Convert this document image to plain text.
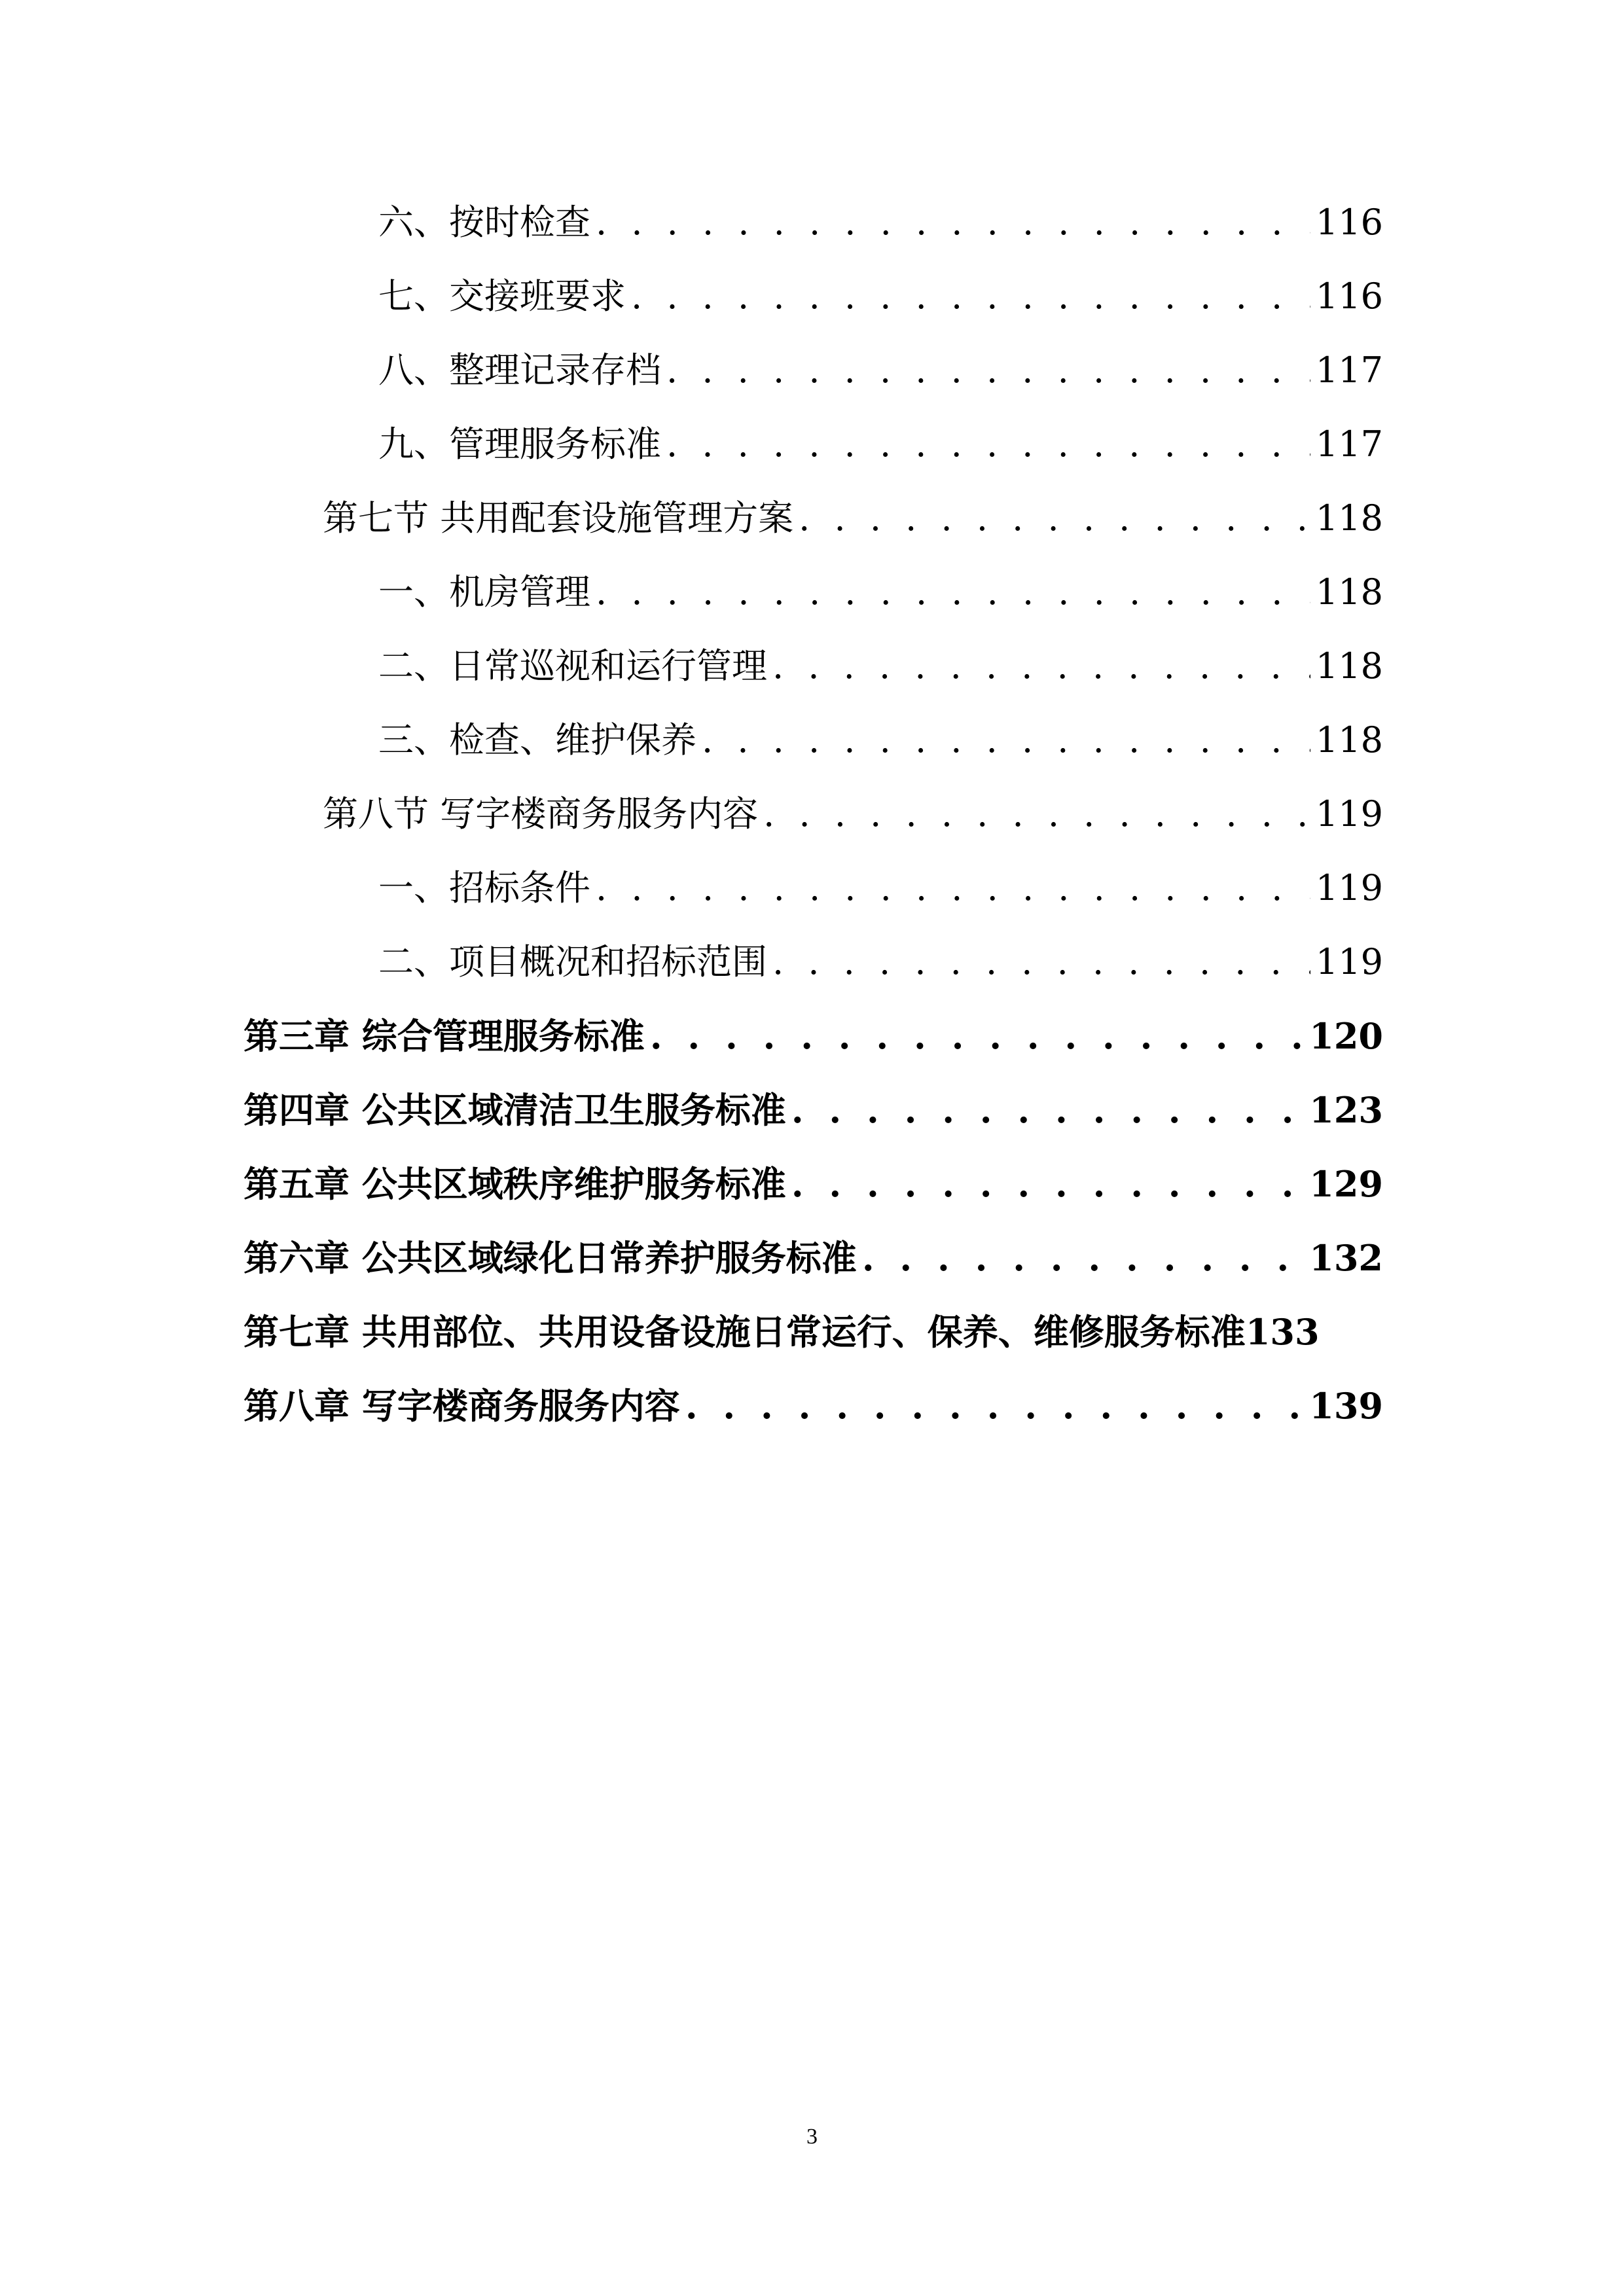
六、按时检查 . . .	116
七、交接班要求 . . .	116
八、整理记录存档 . . .	117
九、管理服务标准 . . .	117
第七节 共用配套设施管理方案 . . .	118
一、机房管理 . . .	118
二、日常巡视和运行管理 . . .	118
三、检查、维护保养 . . .	118
第八节 写字楼商务服务内容 . . .	119
一、招标条件 . . .	119
二、项目概况和招标范围 . . .	119
第三章 综合管理服务标准 . . .	120
第四章 公共区域清洁卫生服务标准 . . .	123
第五章 公共区域秩序维护服务标准 . . .	129
第六章 公共区域绿化日常养护服务标准 . . .	132
第七章 共用部位、共用设备设施日常运行、保养、维修服务标准 133
第八章 写字楼商务服务内容 . . .	139
3
